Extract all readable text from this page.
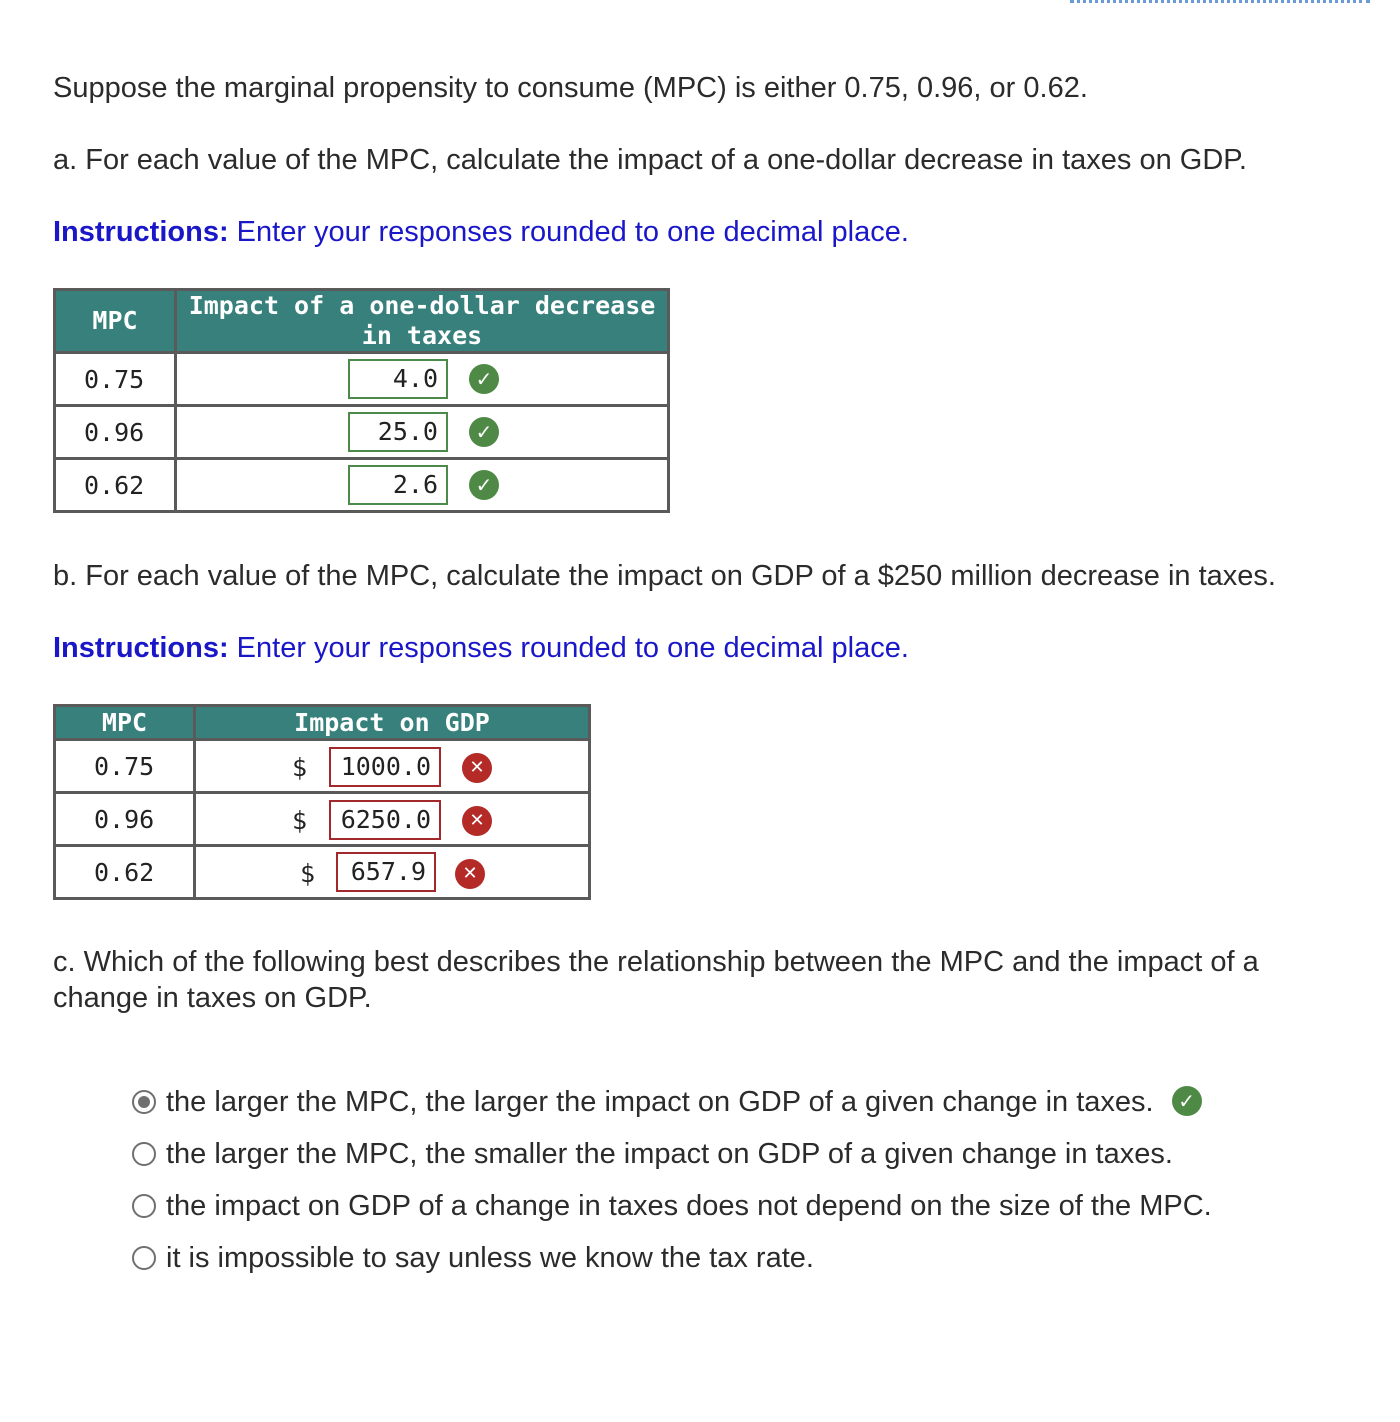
Suppose the marginal propensity to consume (MPC) is either 0.75, 0.96, or 0.62.

a. For each value of the MPC, calculate the impact of a one-dollar decrease in taxes on GDP.

Instructions: Enter your responses rounded to one decimal place.

MPC	Impact of a one-dollar decrease
in taxes
0.75	4.0 ✓

0.96	25.0 ✓

0.62	2.6 ✓

b. For each value of the MPC, calculate the impact on GDP of a $250 million decrease in taxes.

Instructions: Enter your responses rounded to one decimal place.

MPC	Impact on GDP
0.75	$ 1000.0 ✕

0.96	$ 6250.0 ✕

0.62	$ 657.9 ✕

c. Which of the following best describes the relationship between the MPC and the impact of a
change in taxes on GDP.

the larger the MPC, the larger the impact on GDP of a given change in taxes. ✓
the larger the MPC, the smaller the impact on GDP of a given change in taxes.
the impact on GDP of a change in taxes does not depend on the size of the MPC.
it is impossible to say unless we know the tax rate.
